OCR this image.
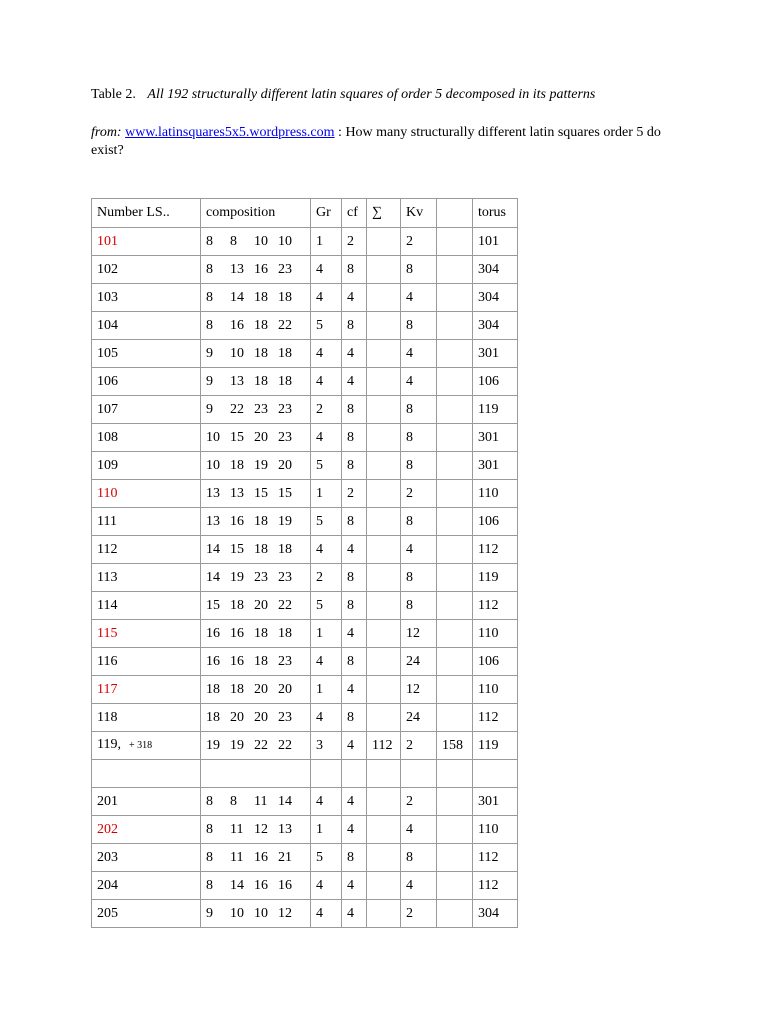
Table 2. All 192 structurally different latin squares of order 5 decomposed in its patterns
from: www.latinsquares5x5.wordpress.com : How many structurally different latin squares order 5 do exist?
Number LS..	composition	Gr	cf	∑	Kv		torus
101	8 8 10 10	1	2		2		101
102	8 13 16 23	4	8		8		304
103	8 14 18 18	4	4		4		304
104	8 16 18 22	5	8		8		304
105	9 10 18 18	4	4		4		301
106	9 13 18 18	4	4		4		106
107	9 22 23 23	2	8		8		119
108	10 15 20 23	4	8		8		301
109	10 18 19 20	5	8		8		301
110	13 13 15 15	1	2		2		110
111	13 16 18 19	5	8		8		106
112	14 15 18 18	4	4		4		112
113	14 19 23 23	2	8		8		119
114	15 18 20 22	5	8		8		112
115	16 16 18 18	1	4		12		110
116	16 16 18 23	4	8		24		106
117	18 18 20 20	1	4		12		110
118	18 20 20 23	4	8		24		112
119, + 318	19 19 22 22	3	4	112	2	158	119

201	8 8 11 14	4	4		2		301
202	8 11 12 13	1	4		4		110
203	8 11 16 21	5	8		8		112
204	8 14 16 16	4	4		4		112
205	9 10 10 12	4	4		2		304
